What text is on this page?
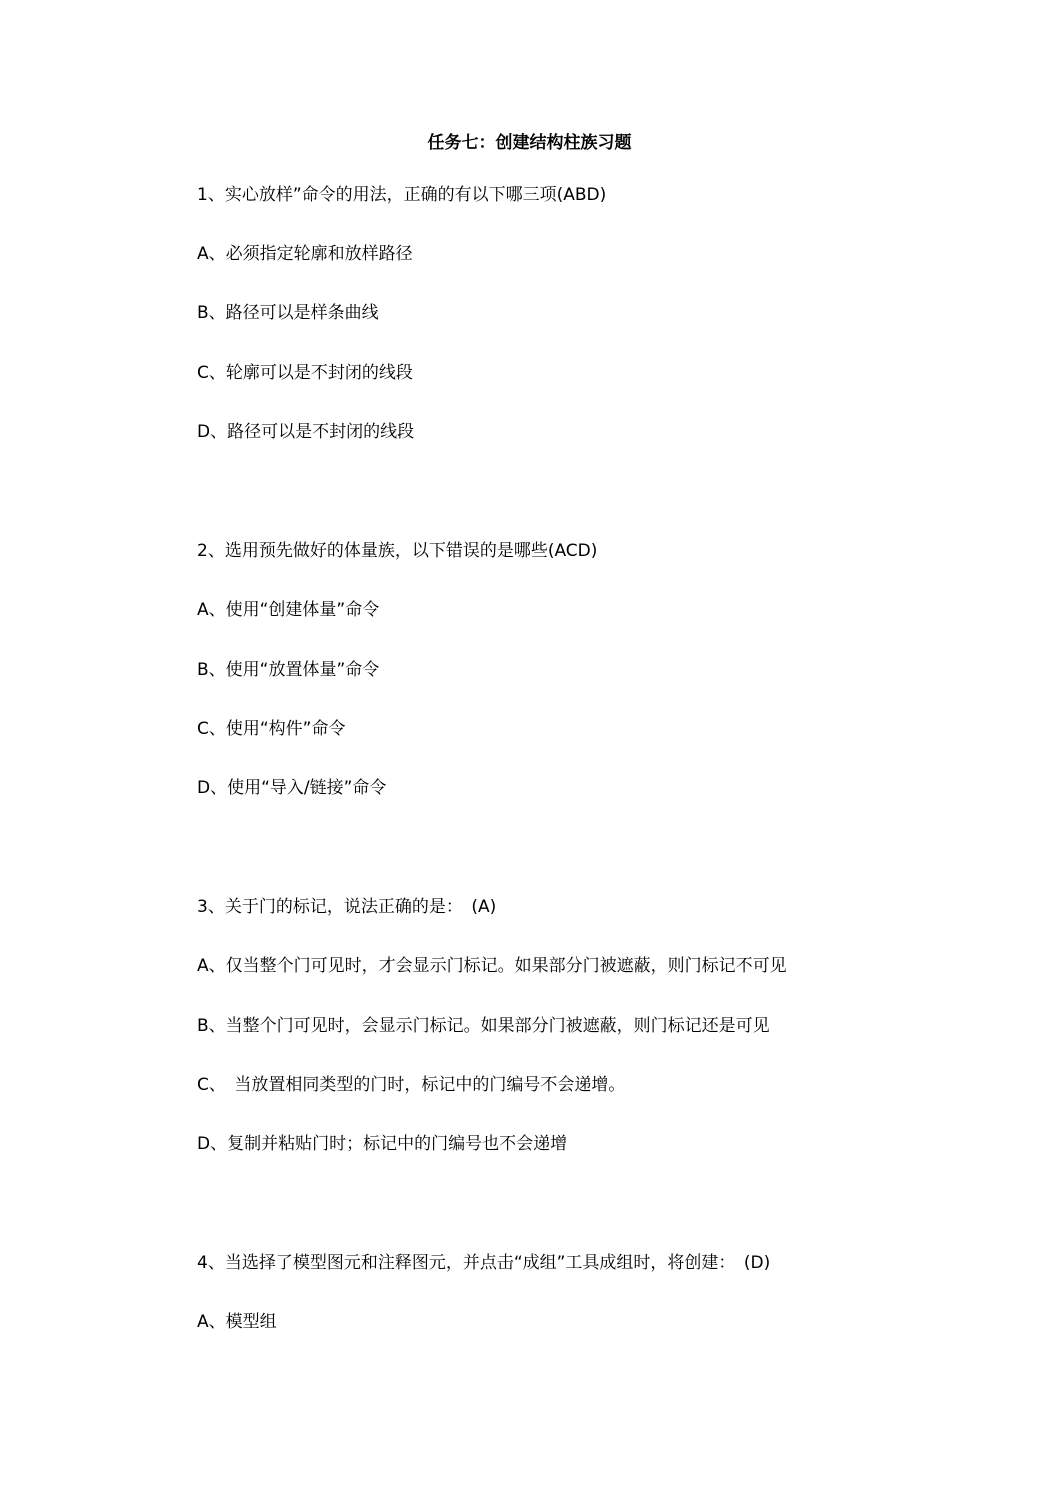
任务七：创建结构柱族习题
1、实心放样”命令的用法，正确的有以下哪三项(ABD)
A、必须指定轮廓和放样路径
B、路径可以是样条曲线
C、轮廓可以是不封闭的线段
D、路径可以是不封闭的线段
2、选用预先做好的体量族，以下错误的是哪些(ACD)
A、使用“创建体量”命令
B、使用“放置体量”命令
C、使用“构件”命令
D、使用“导入/链接”命令
3、关于门的标记，说法正确的是：　(A)
A、仅当整个门可见时，才会显示门标记。如果部分门被遮蔽，则门标记不可见
B、当整个门可见时，会显示门标记。如果部分门被遮蔽，则门标记还是可见
C、　当放置相同类型的门时，标记中的门编号不会递增。
D、复制并粘贴门时；标记中的门编号也不会递增
4、当选择了模型图元和注释图元，并点击“成组”工具成组时，将创建：　(D)
A、模型组
